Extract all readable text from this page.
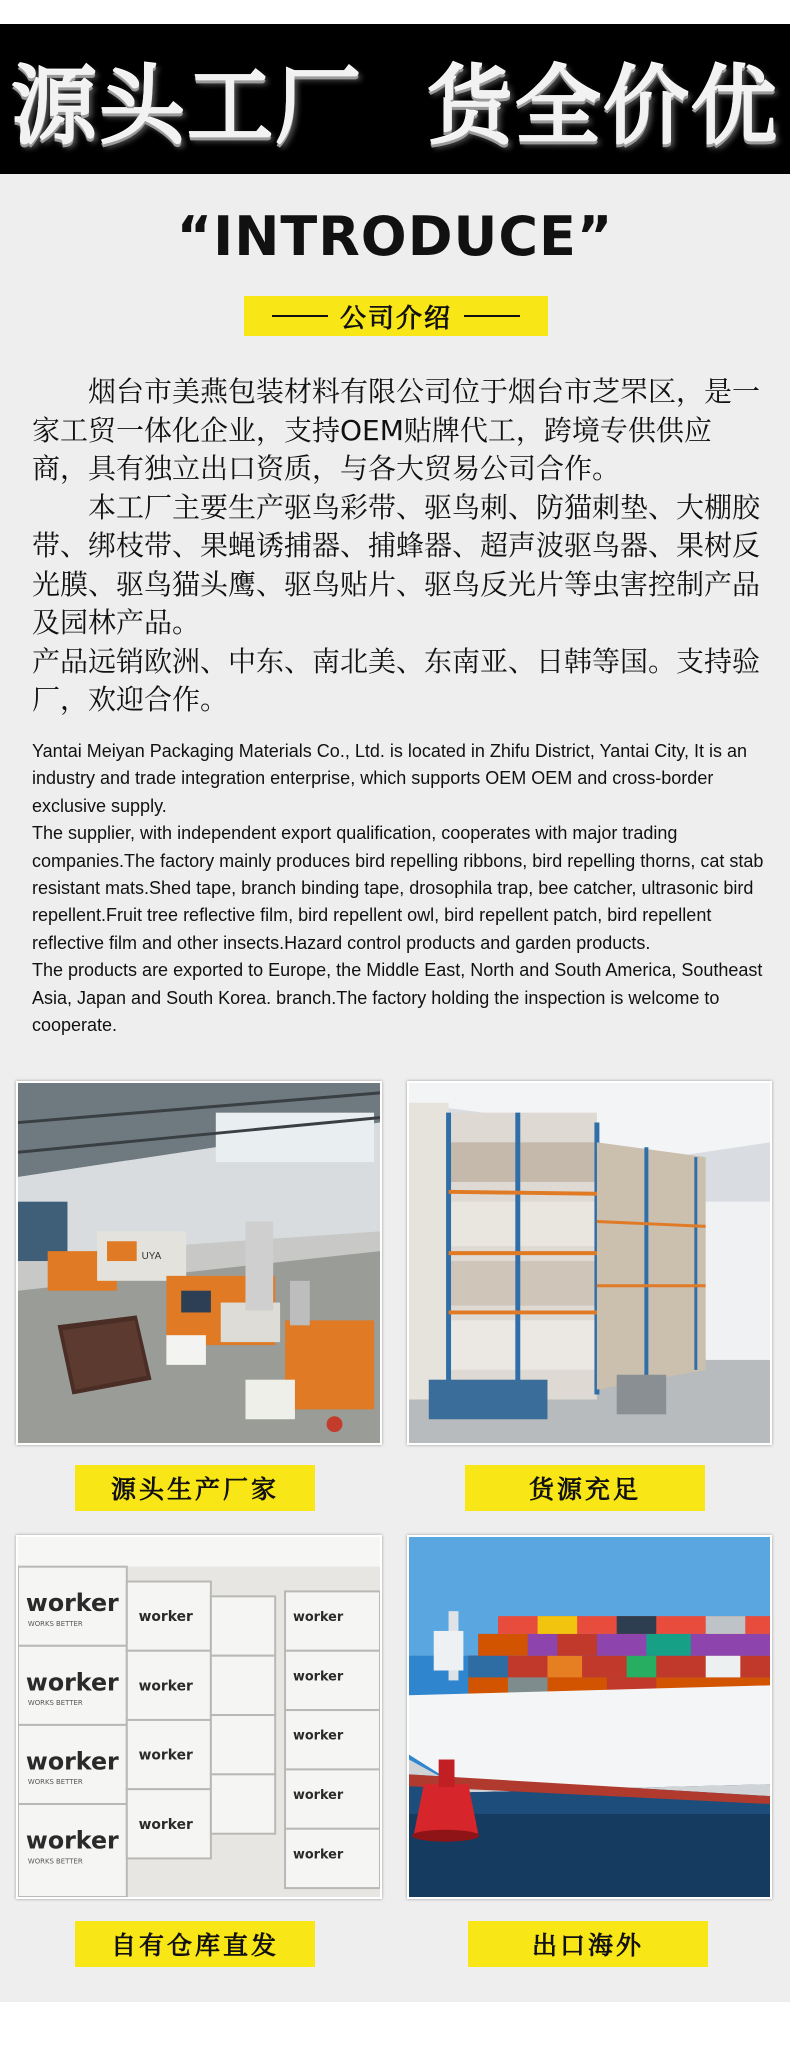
源头工厂  货全价优
“INTRODUCE”
公司介绍

　　烟台市美燕包装材料有限公司位于烟台市芝罘区，是一家工贸一体化企业，支持OEM贴牌代工，跨境专供供应商，具有独立出口资质，与各大贸易公司合作。

　　本工厂主要生产驱鸟彩带、驱鸟刺、防猫刺垫、大棚胶带、绑枝带、果蝇诱捕器、捕蜂器、超声波驱鸟器、果树反光膜、驱鸟猫头鹰、驱鸟贴片、驱鸟反光片等虫害控制产品及园林产品。

产品远销欧洲、中东、南北美、东南亚、日韩等国。支持验厂，欢迎合作。

Yantai Meiyan Packaging Materials Co., Ltd. is located in Zhifu District, Yantai City, It is an industry and trade integration enterprise, which supports OEM OEM and cross-border exclusive supply.

The supplier, with independent export qualification, cooperates with major trading companies.The factory mainly produces bird repelling ribbons, bird repelling thorns, cat stab resistant mats.Shed tape, branch binding tape, drosophila trap, bee catcher, ultrasonic bird repellent.Fruit tree reflective film, bird repellent owl, bird repellent patch, bird repellent reflective film and other insects.Hazard control products and garden products.

The products are exported to Europe, the Middle East, North and South America, Southeast Asia, Japan and South Korea. branch.The factory holding the inspection is welcome to cooperate.

UYA
源头生产厂家	货源充足
worker
worker
worker
worker
worker
worker
worker
worker
worker
worker
worker
worker
worker
WORKS BETTER
WORKS BETTER
WORKS BETTER
WORKS BETTER
自有仓库直发	出口海外
